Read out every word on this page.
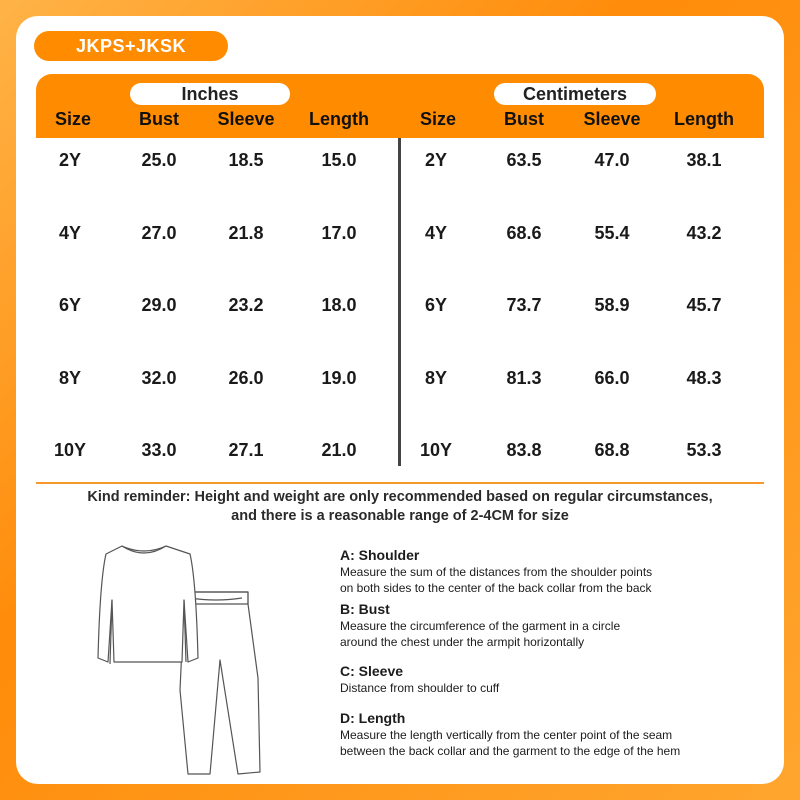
JKPS+JKSK
Inches	Centimeters
Size	Bust	Sleeve	Length	Size	Bust	Sleeve	Length
2Y	25.0	18.5	15.0	2Y	63.5	47.0	38.1
4Y	27.0	21.8	17.0	4Y	68.6	55.4	43.2
6Y	29.0	23.2	18.0	6Y	73.7	58.9	45.7
8Y	32.0	26.0	19.0	8Y	81.3	66.0	48.3
10Y	33.0	27.1	21.0	10Y	83.8	68.8	53.3
Kind reminder: Height and weight are only recommended based on regular circumstances,
and there is a reasonable range of 2-4CM for size
A: Shoulder
Measure the sum of the distances from the shoulder points
on both sides to the center of the back collar from the back
B: Bust
Measure the circumference of the garment in a circle
around the chest under the armpit horizontally
C: Sleeve
Distance from shoulder to cuff
D: Length
Measure the length vertically from the center point of the seam
between the back collar and the garment to the edge of the hem
